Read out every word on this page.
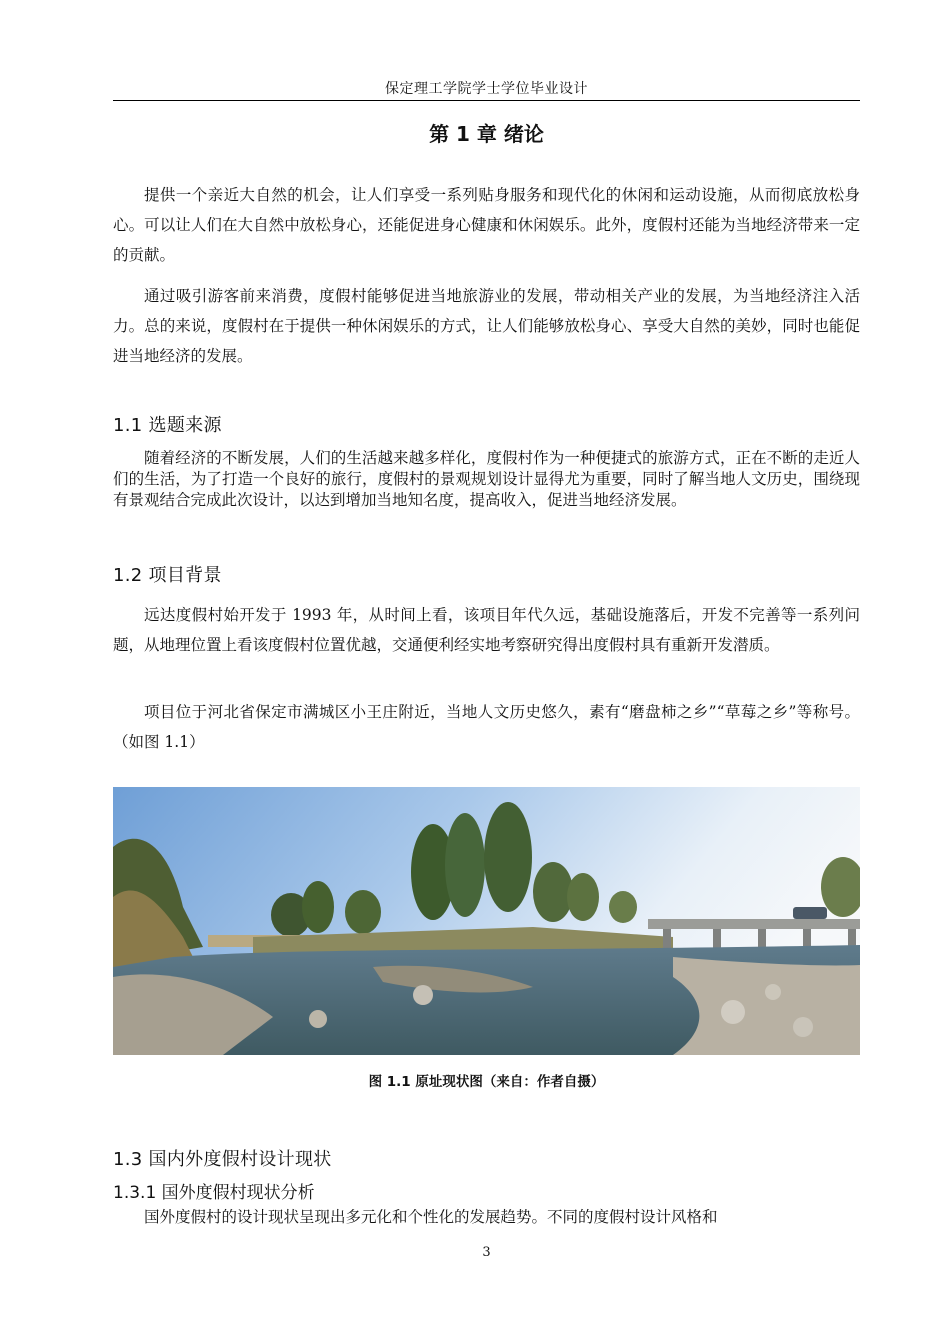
保定理工学院学士学位毕业设计
第 1 章 绪论

提供一个亲近大自然的机会，让人们享受一系列贴身服务和现代化的休闲和运动设施，从而彻底放松身心。可以让人们在大自然中放松身心，还能促进身心健康和休闲娱乐。此外，度假村还能为当地经济带来一定的贡献。

通过吸引游客前来消费，度假村能够促进当地旅游业的发展，带动相关产业的发展，为当地经济注入活力。总的来说，度假村在于提供一种休闲娱乐的方式，让人们能够放松身心、享受大自然的美妙，同时也能促进当地经济的发展。

1.1 选题来源

随着经济的不断发展，人们的生活越来越多样化，度假村作为一种便捷式的旅游方式，正在不断的走近人们的生活，为了打造一个良好的旅行，度假村的景观规划设计显得尤为重要，同时了解当地人文历史，围绕现有景观结合完成此次设计，以达到增加当地知名度，提高收入，促进当地经济发展。

1.2 项目背景

远达度假村始开发于 1993 年，从时间上看，该项目年代久远，基础设施落后，开发不完善等一系列问题，从地理位置上看该度假村位置优越，交通便利经实地考察研究得出度假村具有重新开发潜质。

项目位于河北省保定市满城区小王庄附近，当地人文历史悠久，素有“磨盘柿之乡”“草莓之乡”等称号。（如图 1.1）

图 1.1 原址现状图（来自：作者自摄）
1.3 国内外度假村设计现状
1.3.1 国外度假村现状分析

国外度假村的设计现状呈现出多元化和个性化的发展趋势。不同的度假村设计风格和

3
